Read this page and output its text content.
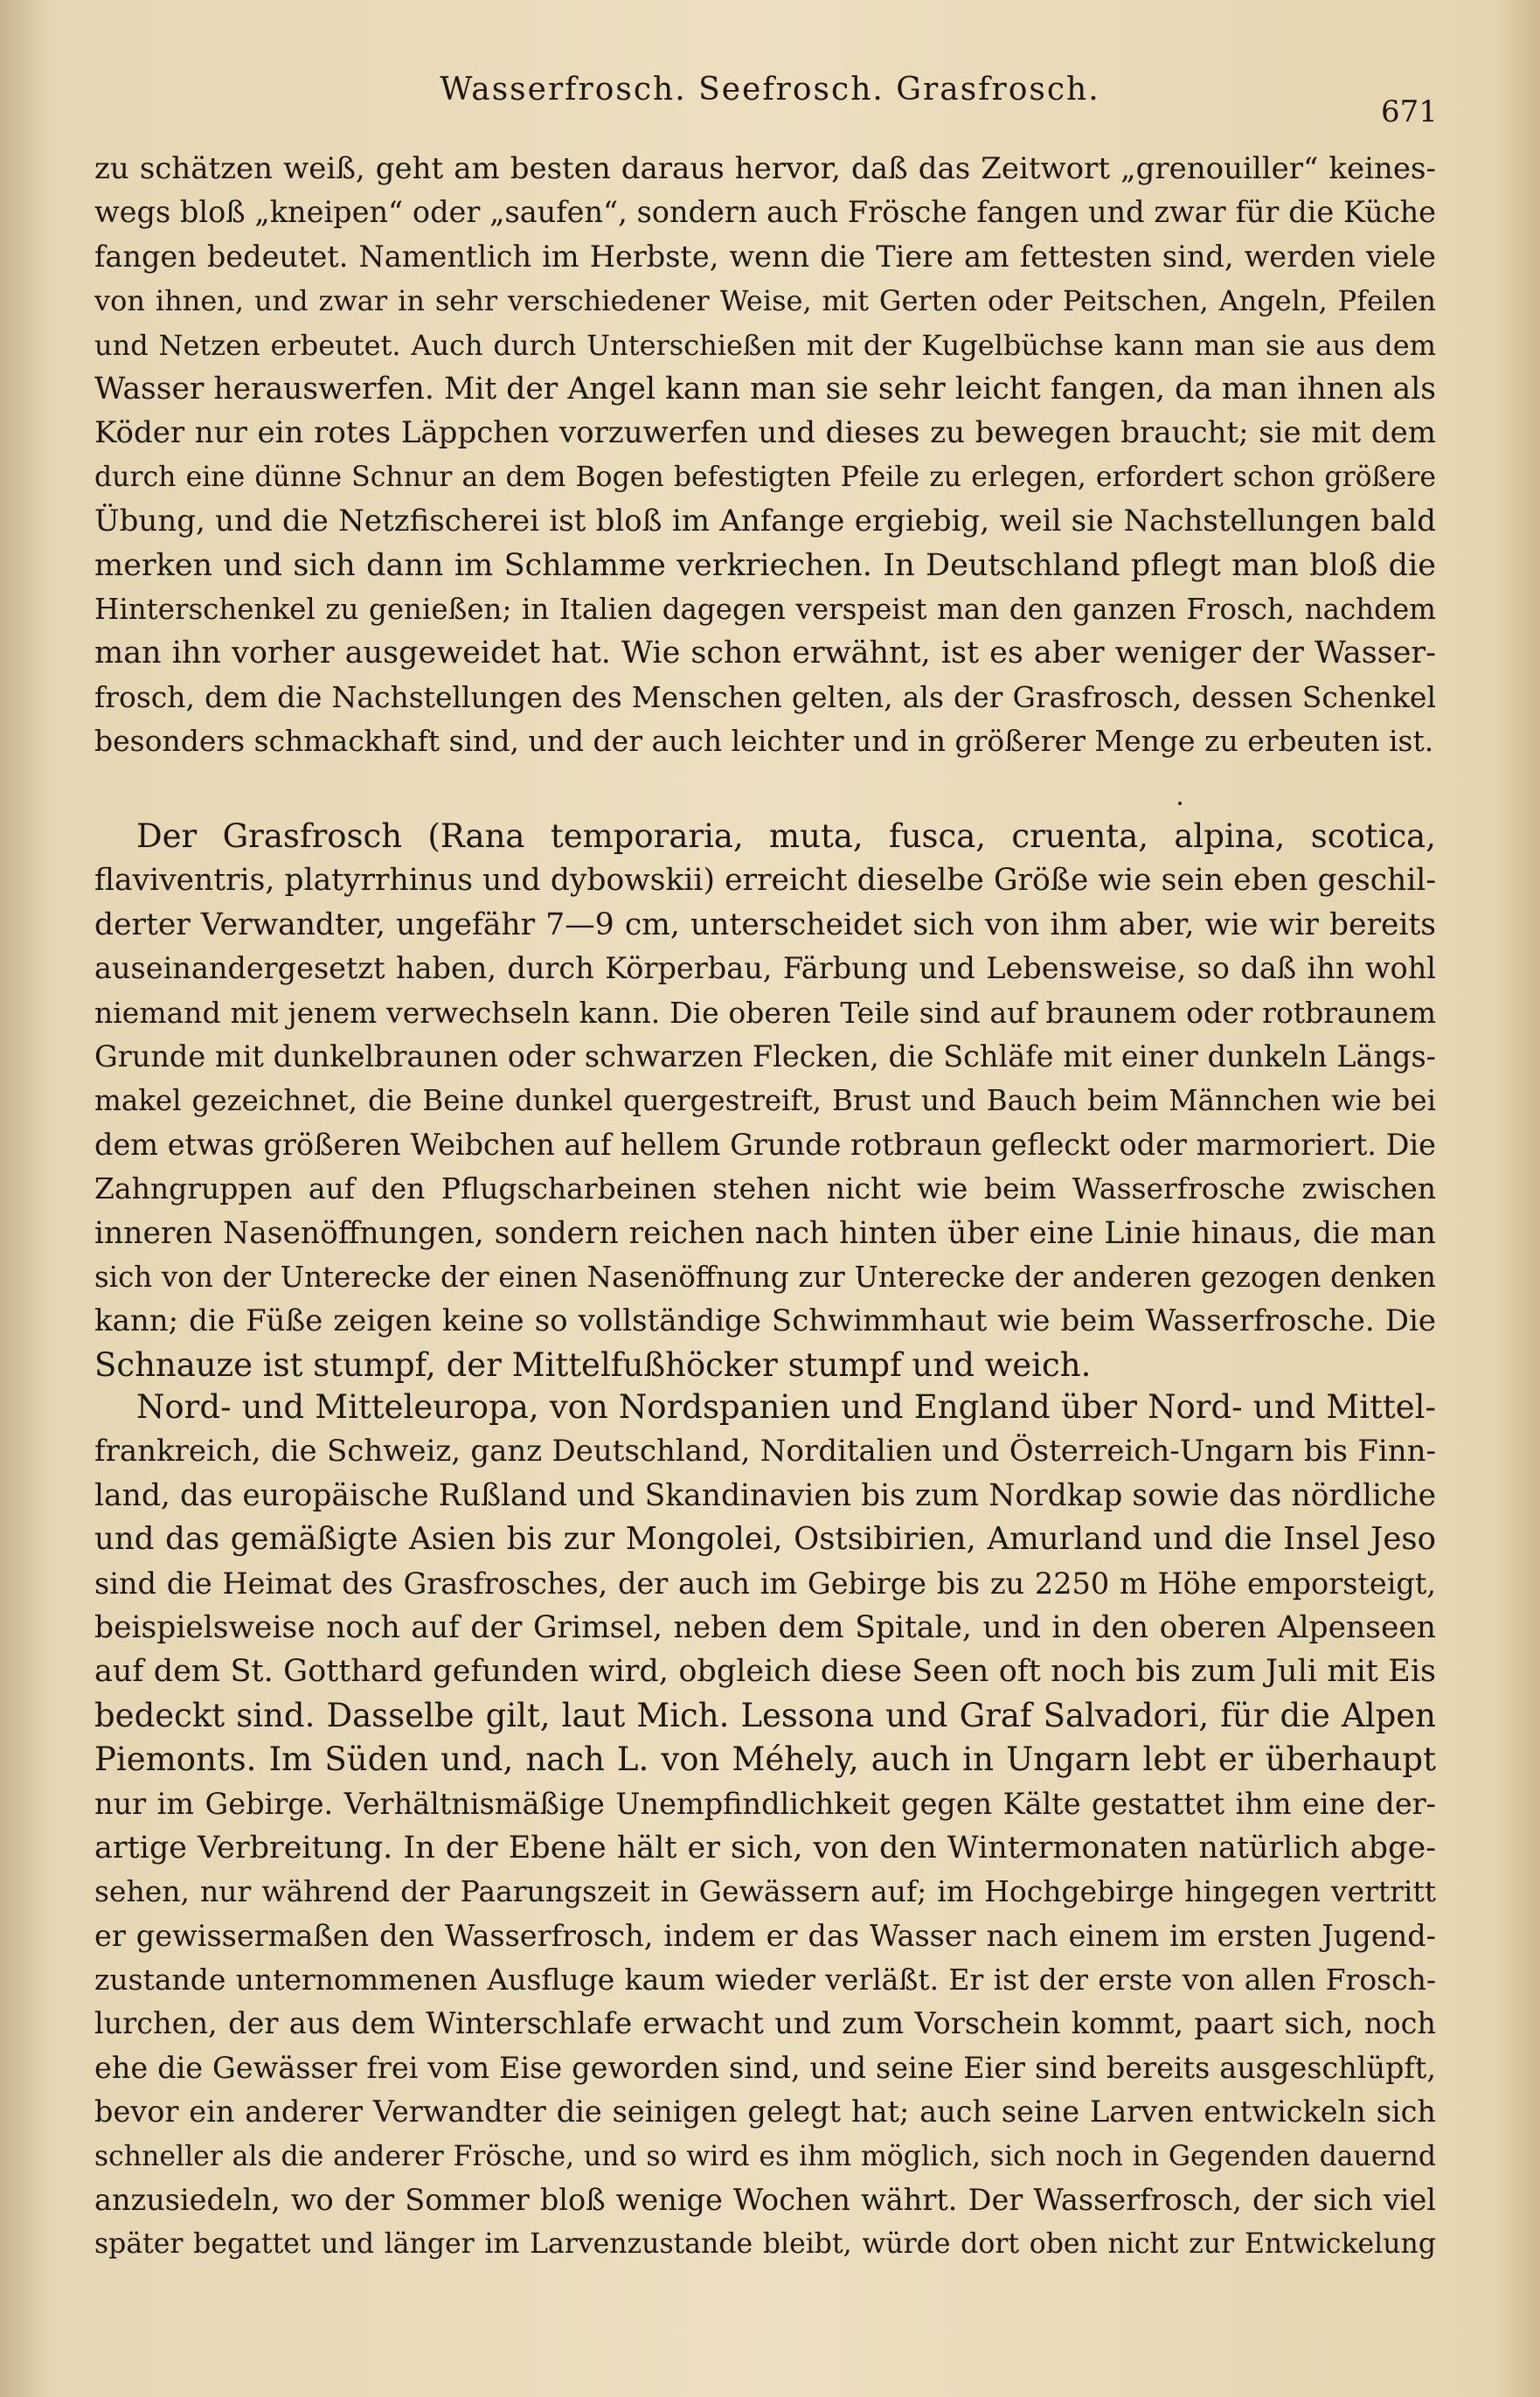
Wasserfrosch. Seefrosch. Grasfrosch.
671
zu schätzen weiß, geht am besten daraus hervor, daß das Zeitwort „grenouiller“ keines-
wegs bloß „kneipen“ oder „saufen“, sondern auch Frösche fangen und zwar für die Küche
fangen bedeutet. Namentlich im Herbste, wenn die Tiere am fettesten sind, werden viele
von ihnen, und zwar in sehr verschiedener Weise, mit Gerten oder Peitschen, Angeln, Pfeilen
und Netzen erbeutet. Auch durch Unterschießen mit der Kugelbüchse kann man sie aus dem
Wasser herauswerfen. Mit der Angel kann man sie sehr leicht fangen, da man ihnen als
Köder nur ein rotes Läppchen vorzuwerfen und dieses zu bewegen braucht; sie mit dem
durch eine dünne Schnur an dem Bogen befestigten Pfeile zu erlegen, erfordert schon größere
Übung, und die Netzfischerei ist bloß im Anfange ergiebig, weil sie Nachstellungen bald
merken und sich dann im Schlamme verkriechen. In Deutschland pflegt man bloß die
Hinterschenkel zu genießen; in Italien dagegen verspeist man den ganzen Frosch, nachdem
man ihn vorher ausgeweidet hat. Wie schon erwähnt, ist es aber weniger der Wasser-
frosch, dem die Nachstellungen des Menschen gelten, als der Grasfrosch, dessen Schenkel
besonders schmackhaft sind, und der auch leichter und in größerer Menge zu erbeuten ist.
Der Grasfrosch (Rana temporaria, muta, fusca, cruenta, alpina, scotica,
flaviventris, platyrrhinus und dybowskii) erreicht dieselbe Größe wie sein eben geschil-
derter Verwandter, ungefähr 7—9 cm, unterscheidet sich von ihm aber, wie wir bereits
auseinandergesetzt haben, durch Körperbau, Färbung und Lebensweise, so daß ihn wohl
niemand mit jenem verwechseln kann. Die oberen Teile sind auf braunem oder rotbraunem
Grunde mit dunkelbraunen oder schwarzen Flecken, die Schläfe mit einer dunkeln Längs-
makel gezeichnet, die Beine dunkel quergestreift, Brust und Bauch beim Männchen wie bei
dem etwas größeren Weibchen auf hellem Grunde rotbraun gefleckt oder marmoriert. Die
Zahngruppen auf den Pflugscharbeinen stehen nicht wie beim Wasserfrosche zwischen
inneren Nasenöffnungen, sondern reichen nach hinten über eine Linie hinaus, die man
sich von der Unterecke der einen Nasenöffnung zur Unterecke der anderen gezogen denken
kann; die Füße zeigen keine so vollständige Schwimmhaut wie beim Wasserfrosche. Die
Schnauze ist stumpf, der Mittelfußhöcker stumpf und weich.
Nord- und Mitteleuropa, von Nordspanien und England über Nord- und Mittel-
frankreich, die Schweiz, ganz Deutschland, Norditalien und Österreich-Ungarn bis Finn-
land, das europäische Rußland und Skandinavien bis zum Nordkap sowie das nördliche
und das gemäßigte Asien bis zur Mongolei, Ostsibirien, Amurland und die Insel Jeso
sind die Heimat des Grasfrosches, der auch im Gebirge bis zu 2250 m Höhe emporsteigt,
beispielsweise noch auf der Grimsel, neben dem Spitale, und in den oberen Alpenseen
auf dem St. Gotthard gefunden wird, obgleich diese Seen oft noch bis zum Juli mit Eis
bedeckt sind. Dasselbe gilt, laut Mich. Lessona und Graf Salvadori, für die Alpen
Piemonts. Im Süden und, nach L. von Méhely, auch in Ungarn lebt er überhaupt
nur im Gebirge. Verhältnismäßige Unempfindlichkeit gegen Kälte gestattet ihm eine der-
artige Verbreitung. In der Ebene hält er sich, von den Wintermonaten natürlich abge-
sehen, nur während der Paarungszeit in Gewässern auf; im Hochgebirge hingegen vertritt
er gewissermaßen den Wasserfrosch, indem er das Wasser nach einem im ersten Jugend-
zustande unternommenen Ausfluge kaum wieder verläßt. Er ist der erste von allen Frosch-
lurchen, der aus dem Winterschlafe erwacht und zum Vorschein kommt, paart sich, noch
ehe die Gewässer frei vom Eise geworden sind, und seine Eier sind bereits ausgeschlüpft,
bevor ein anderer Verwandter die seinigen gelegt hat; auch seine Larven entwickeln sich
schneller als die anderer Frösche, und so wird es ihm möglich, sich noch in Gegenden dauernd
anzusiedeln, wo der Sommer bloß wenige Wochen währt. Der Wasserfrosch, der sich viel
später begattet und länger im Larvenzustande bleibt, würde dort oben nicht zur Entwickelung
